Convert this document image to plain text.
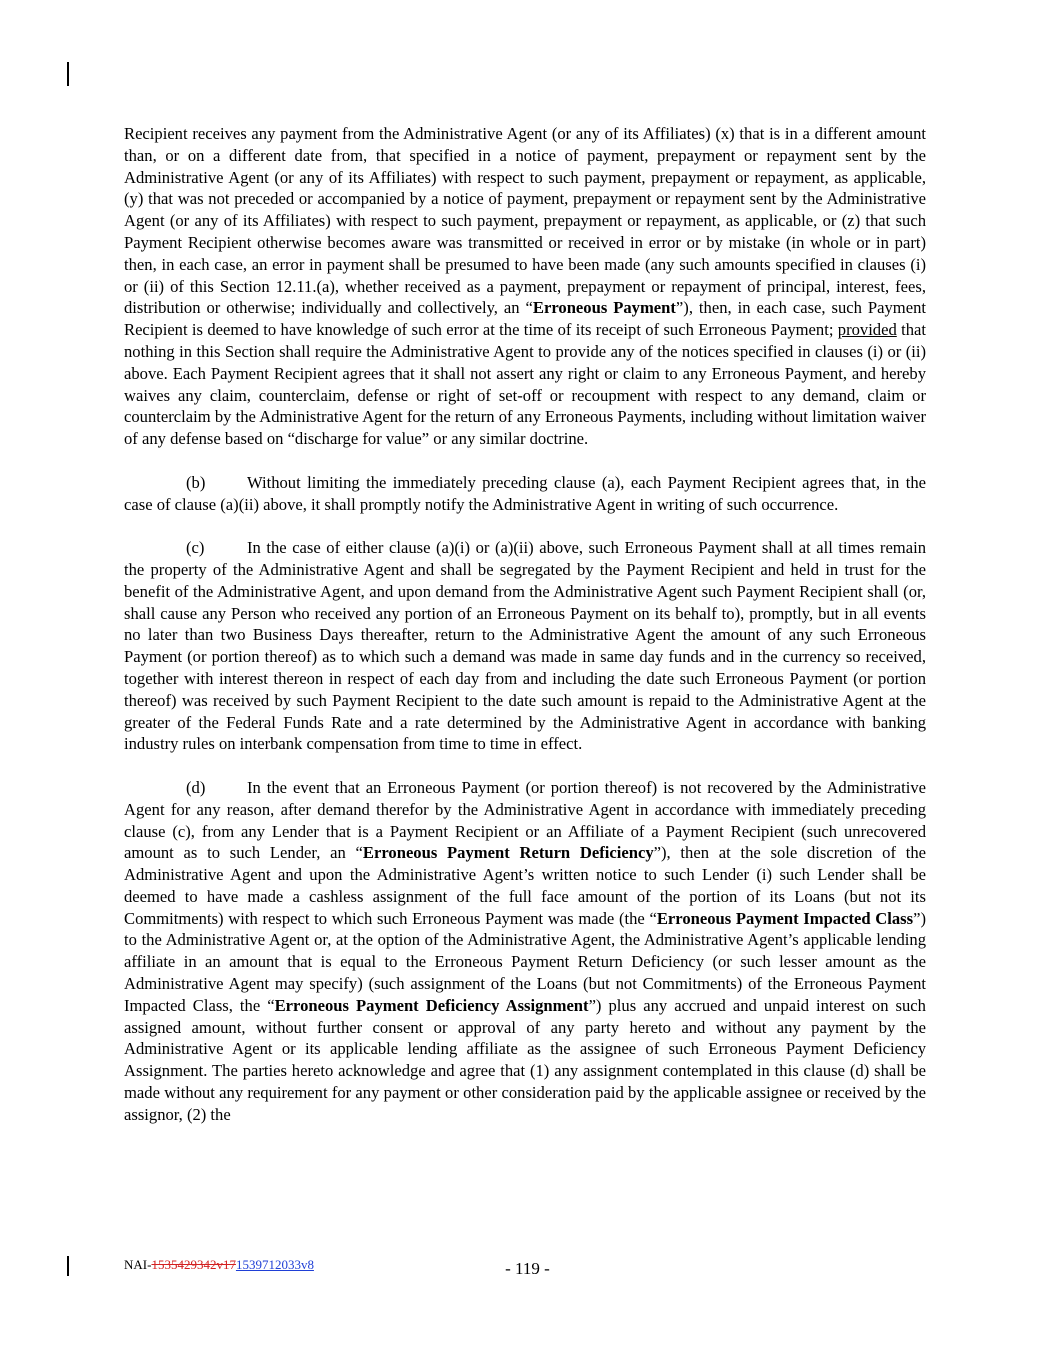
Recipient receives any payment from the Administrative Agent (or any of its Affiliates) (x) that is in a different amount than, or on a different date from, that specified in a notice of payment, prepayment or repayment sent by the Administrative Agent (or any of its Affiliates) with respect to such payment, prepayment or repayment, as applicable, (y) that was not preceded or accompanied by a notice of payment, prepayment or repayment sent by the Administrative Agent (or any of its Affiliates) with respect to such payment, prepayment or repayment, as applicable, or (z) that such Payment Recipient otherwise becomes aware was transmitted or received in error or by mistake (in whole or in part) then, in each case, an error in payment shall be presumed to have been made (any such amounts specified in clauses (i) or (ii) of this Section 12.11.(a), whether received as a payment, prepayment or repayment of principal, interest, fees, distribution or otherwise; individually and collectively, an “Erroneous Payment”), then, in each case, such Payment Recipient is deemed to have knowledge of such error at the time of its receipt of such Erroneous Payment; provided that nothing in this Section shall require the Administrative Agent to provide any of the notices specified in clauses (i) or (ii) above. Each Payment Recipient agrees that it shall not assert any right or claim to any Erroneous Payment, and hereby waives any claim, counterclaim, defense or right of set-off or recoupment with respect to any demand, claim or counterclaim by the Administrative Agent for the return of any Erroneous Payments, including without limitation waiver of any defense based on “discharge for value” or any similar doctrine.

(b)	Without limiting the immediately preceding clause (a), each Payment Recipient agrees that, in the case of clause (a)(ii) above, it shall promptly notify the Administrative Agent in writing of such occurrence.

(c)	In the case of either clause (a)(i) or (a)(ii) above, such Erroneous Payment shall at all times remain the property of the Administrative Agent and shall be segregated by the Payment Recipient and held in trust for the benefit of the Administrative Agent, and upon demand from the Administrative Agent such Payment Recipient shall (or, shall cause any Person who received any portion of an Erroneous Payment on its behalf to), promptly, but in all events no later than two Business Days thereafter, return to the Administrative Agent the amount of any such Erroneous Payment (or portion thereof) as to which such a demand was made in same day funds and in the currency so received, together with interest thereon in respect of each day from and including the date such Erroneous Payment (or portion thereof) was received by such Payment Recipient to the date such amount is repaid to the Administrative Agent at the greater of the Federal Funds Rate and a rate determined by the Administrative Agent in accordance with banking industry rules on interbank compensation from time to time in effect.

(d)	In the event that an Erroneous Payment (or portion thereof) is not recovered by the Administrative Agent for any reason, after demand therefor by the Administrative Agent in accordance with immediately preceding clause (c), from any Lender that is a Payment Recipient or an Affiliate of a Payment Recipient (such unrecovered amount as to such Lender, an “Erroneous Payment Return Deficiency”), then at the sole discretion of the Administrative Agent and upon the Administrative Agent’s written notice to such Lender (i) such Lender shall be deemed to have made a cashless assignment of the full face amount of the portion of its Loans (but not its Commitments) with respect to which such Erroneous Payment was made (the “Erroneous Payment Impacted Class”) to the Administrative Agent or, at the option of the Administrative Agent, the Administrative Agent’s applicable lending affiliate in an amount that is equal to the Erroneous Payment Return Deficiency (or such lesser amount as the Administrative Agent may specify) (such assignment of the Loans (but not Commitments) of the Erroneous Payment Impacted Class, the “Erroneous Payment Deficiency Assignment”) plus any accrued and unpaid interest on such assigned amount, without further consent or approval of any party hereto and without any payment by the Administrative Agent or its applicable lending affiliate as the assignee of such Erroneous Payment Deficiency Assignment. The parties hereto acknowledge and agree that (1) any assignment contemplated in this clause (d) shall be made without any requirement for any payment or other consideration paid by the applicable assignee or received by the assignor, (2) the

NAI-1535429342v171539712033v8	- 119 -
